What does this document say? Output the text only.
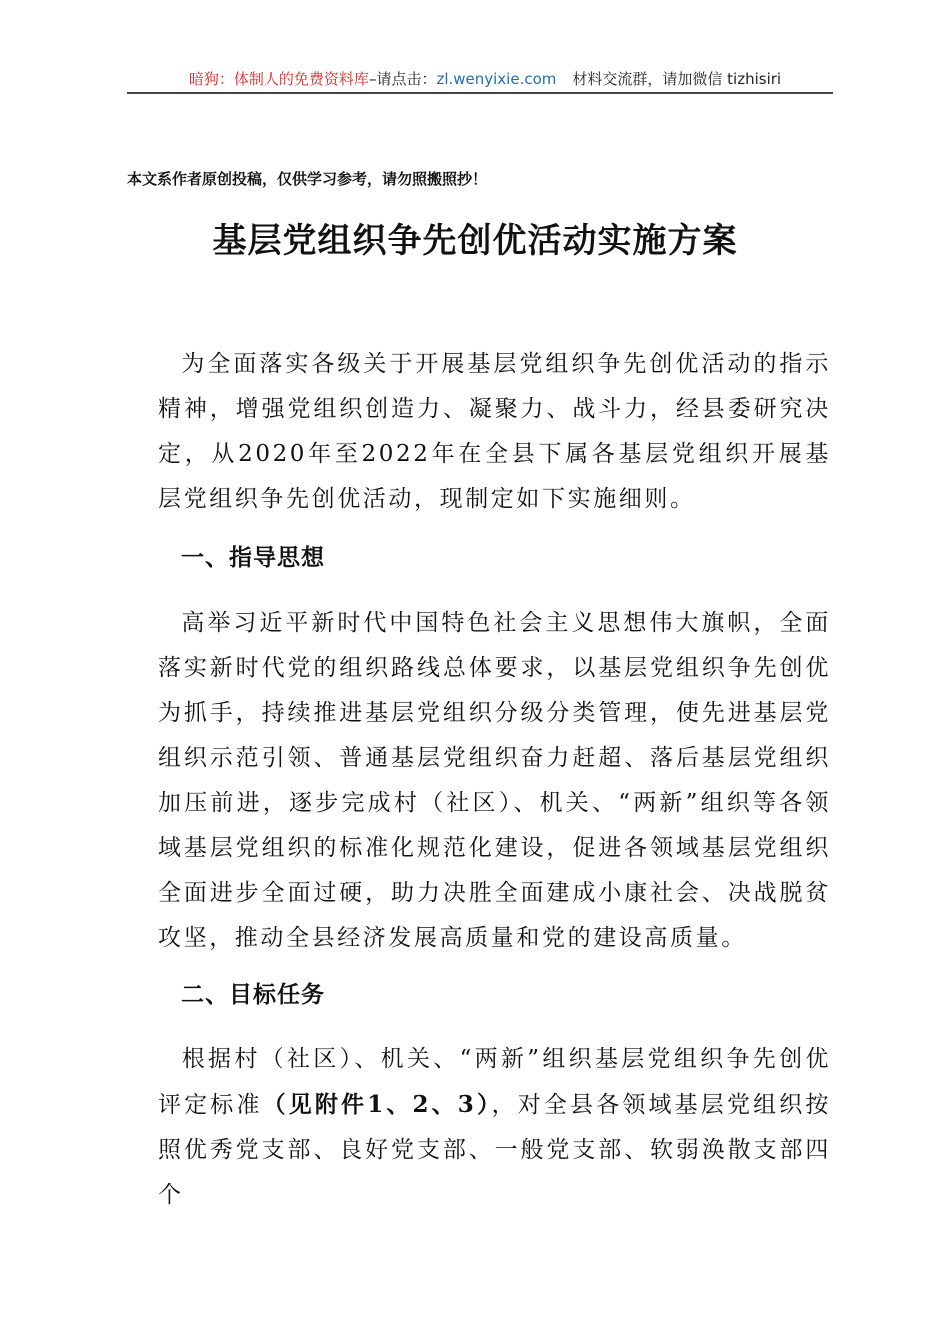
暗狗：体制人的免费资料库–请点击：zl.wenyixie.com 材料交流群，请加微信 tizhisiri
本文系作者原创投稿，仅供学习参考，请勿照搬照抄！
基层党组织争先创优活动实施方案

为全面落实各级关于开展基层党组织争先创优活动的指示精神，增强党组织创造力、凝聚力、战斗力，经县委研究决定，从2020年至2022年在全县下属各基层党组织开展基层党组织争先创优活动，现制定如下实施细则。

一、指导思想

高举习近平新时代中国特色社会主义思想伟大旗帜，全面落实新时代党的组织路线总体要求，以基层党组织争先创优为抓手，持续推进基层党组织分级分类管理，使先进基层党组织示范引领、普通基层党组织奋力赶超、落后基层党组织加压前进，逐步完成村（社区）、机关、“两新”组织等各领域基层党组织的标准化规范化建设，促进各领域基层党组织全面进步全面过硬，助力决胜全面建成小康社会、决战脱贫攻坚，推动全县经济发展高质量和党的建设高质量。

二、目标任务

根据村（社区）、机关、“两新”组织基层党组织争先创优评定标准（见附件1、2、3），对全县各领域基层党组织按照优秀党支部、良好党支部、一般党支部、软弱涣散支部四个
